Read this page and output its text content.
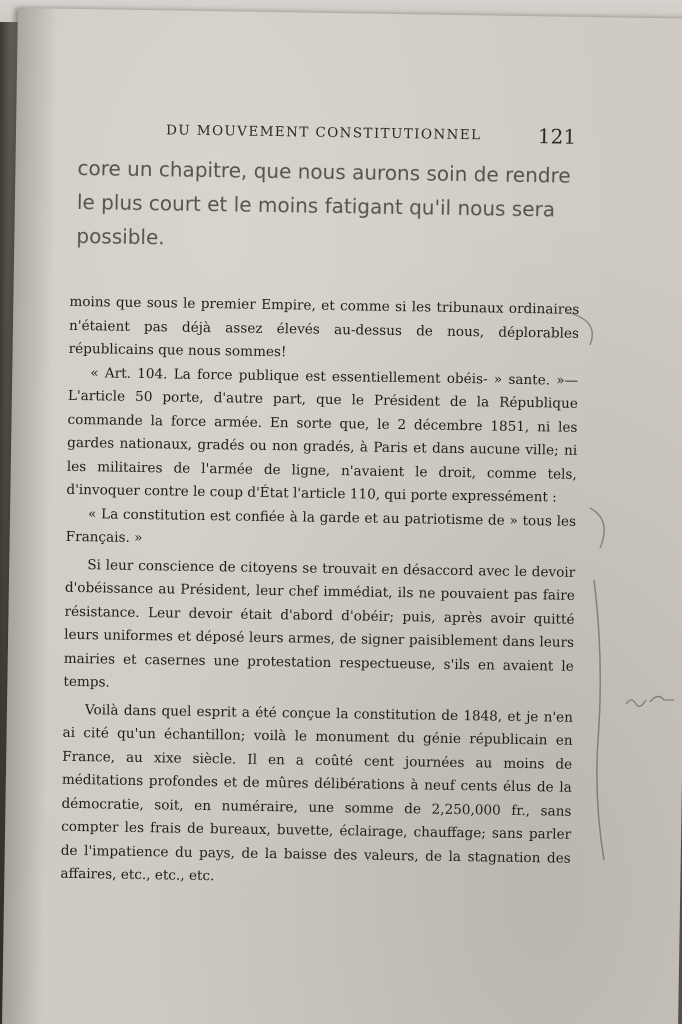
DU MOUVEMENT CONSTITUTIONNEL	121

core un chapitre, que nous aurons soin de rendre

le plus court et le moins fatigant qu'il nous sera

possible.

moins que sous le premier Empire, et comme si les tribunaux ordinaires n'étaient pas déjà assez élevés au-dessus de nous, déplorables républicains que nous sommes!

« Art. 104. La force publique est essentiellement obéis- » sante. »—L'article 50 porte, d'autre part, que le Président de la République commande la force armée. En sorte que, le 2 décembre 1851, ni les gardes nationaux, gradés ou non gradés, à Paris et dans aucune ville; ni les militaires de l'armée de ligne, n'avaient le droit, comme tels, d'invoquer contre le coup d'État l'article 110, qui porte expressément :

« La constitution est confiée à la garde et au patriotisme de » tous les Français. »

Si leur conscience de citoyens se trouvait en désaccord avec le devoir d'obéissance au Président, leur chef immédiat, ils ne pouvaient pas faire résistance. Leur devoir était d'abord d'obéir; puis, après avoir quitté leurs uniformes et déposé leurs armes, de signer paisiblement dans leurs mairies et casernes une protestation respectueuse, s'ils en avaient le temps.

Voilà dans quel esprit a été conçue la constitution de 1848, et je n'en ai cité qu'un échantillon; voilà le monument du génie républicain en France, au xixe siècle. Il en a coûté cent journées au moins de méditations profondes et de mûres délibérations à neuf cents élus de la démocratie, soit, en numéraire, une somme de 2,250,000 fr., sans compter les frais de bureaux, buvette, éclairage, chauffage; sans parler de l'impatience du pays, de la baisse des valeurs, de la stagnation des affaires, etc., etc., etc.
